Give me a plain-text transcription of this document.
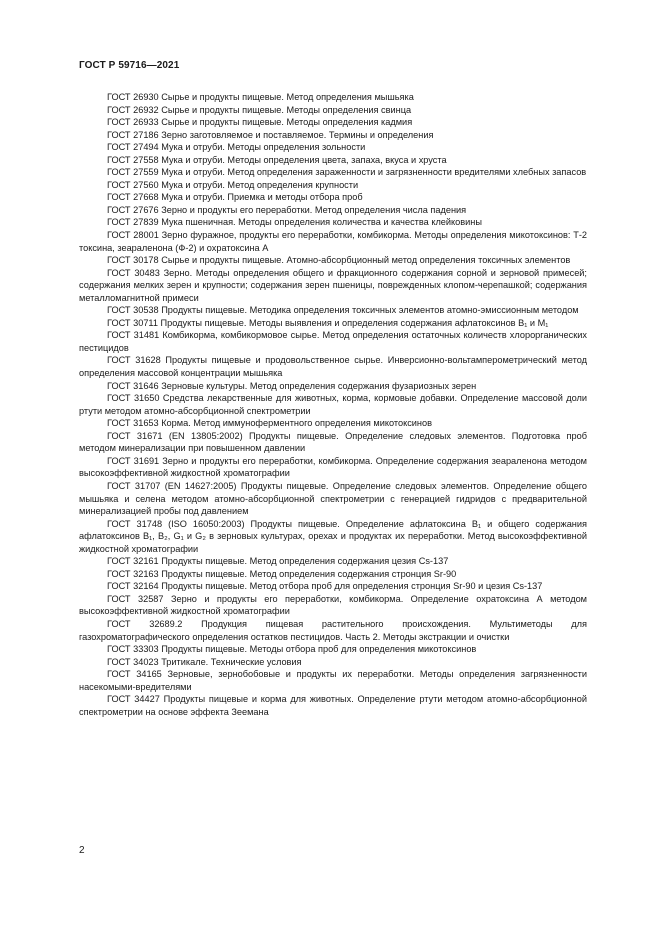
ГОСТ Р 59716—2021

ГОСТ 26930 Сырье и продукты пищевые. Метод определения мышьяка

ГОСТ 26932 Сырье и продукты пищевые. Методы определения свинца

ГОСТ 26933 Сырье и продукты пищевые. Методы определения кадмия

ГОСТ 27186 Зерно заготовляемое и поставляемое. Термины и определения

ГОСТ 27494 Мука и отруби. Методы определения зольности

ГОСТ 27558 Мука и отруби. Методы определения цвета, запаха, вкуса и хруста

ГОСТ 27559 Мука и отруби. Метод определения зараженности и загрязненности вредителями хлебных запасов

ГОСТ 27560 Мука и отруби. Метод определения крупности

ГОСТ 27668 Мука и отруби. Приемка и методы отбора проб

ГОСТ 27676 Зерно и продукты его переработки. Метод определения числа падения

ГОСТ 27839 Мука пшеничная. Методы определения количества и качества клейковины

ГОСТ 28001 Зерно фуражное, продукты его переработки, комбикорма. Методы определения микотоксинов: Т-2 токсина, зеараленона (Ф-2) и охратоксина А

ГОСТ 30178 Сырье и продукты пищевые. Атомно-абсорбционный метод определения токсичных элементов

ГОСТ 30483 Зерно. Методы определения общего и фракционного содержания сорной и зерновой примесей; содержания мелких зерен и крупности; содержания зерен пшеницы, поврежденных клопом-черепашкой; содержания металломагнитной примеси

ГОСТ 30538 Продукты пищевые. Методика определения токсичных элементов атомно-эмиссионным методом

ГОСТ 30711 Продукты пищевые. Методы выявления и определения содержания афлатоксинов B₁ и M₁

ГОСТ 31481 Комбикорма, комбикормовое сырье. Метод определения остаточных количеств хлорорганических пестицидов

ГОСТ 31628 Продукты пищевые и продовольственное сырье. Инверсионно-вольтамперометрический метод определения массовой концентрации мышьяка

ГОСТ 31646 Зерновые культуры. Метод определения содержания фузариозных зерен

ГОСТ 31650 Средства лекарственные для животных, корма, кормовые добавки. Определение массовой доли ртути методом атомно-абсорбционной спектрометрии

ГОСТ 31653 Корма. Метод иммуноферментного определения микотоксинов

ГОСТ 31671 (EN 13805:2002) Продукты пищевые. Определение следовых элементов. Подготовка проб методом минерализации при повышенном давлении

ГОСТ 31691 Зерно и продукты его переработки, комбикорма. Определение содержания зеараленона методом высокоэффективной жидкостной хроматографии

ГОСТ 31707 (EN 14627:2005) Продукты пищевые. Определение следовых элементов. Определение общего мышьяка и селена методом атомно-абсорбционной спектрометрии с генерацией гидридов с предварительной минерализацией пробы под давлением

ГОСТ 31748 (ISO 16050:2003) Продукты пищевые. Определение афлатоксина B₁ и общего содержания афлатоксинов B₁, B₂, G₁ и G₂ в зерновых культурах, орехах и продуктах их переработки. Метод высокоэффективной жидкостной хроматографии

ГОСТ 32161 Продукты пищевые. Метод определения содержания цезия Cs-137

ГОСТ 32163 Продукты пищевые. Метод определения содержания стронция Sr-90

ГОСТ 32164 Продукты пищевые. Метод отбора проб для определения стронция Sr-90 и цезия Cs-137

ГОСТ 32587 Зерно и продукты его переработки, комбикорма. Определение охратоксина А методом высокоэффективной жидкостной хроматографии

ГОСТ 32689.2 Продукция пищевая растительного происхождения. Мультиметоды для газохроматографического определения остатков пестицидов. Часть 2. Методы экстракции и очистки

ГОСТ 33303 Продукты пищевые. Методы отбора проб для определения микотоксинов

ГОСТ 34023 Тритикале. Технические условия

ГОСТ 34165 Зерновые, зернобобовые и продукты их переработки. Методы определения загрязненности насекомыми-вредителями

ГОСТ 34427 Продукты пищевые и корма для животных. Определение ртути методом атомно-абсорбционной спектрометрии на основе эффекта Зеемана

2
